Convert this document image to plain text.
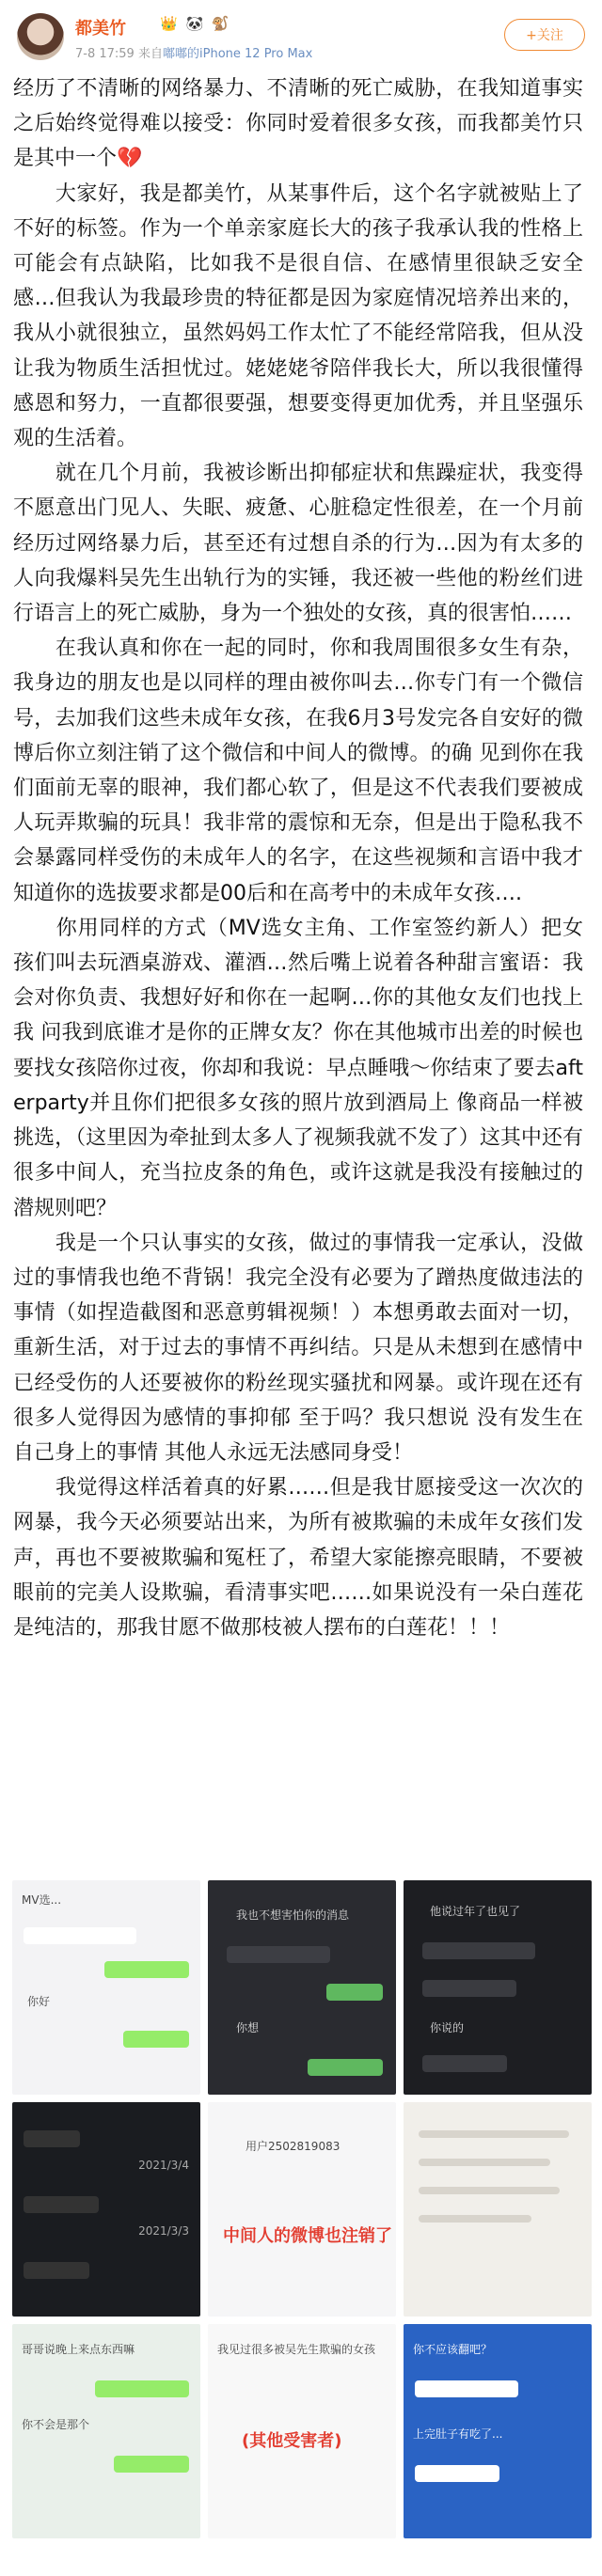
都美竹 👑 🐼 🐒
7-8 17:59 来自嘟嘟的iPhone 12 Pro Max
+关注

经历了不清晰的网络暴力、不清晰的死亡威胁，在我知道事实之后始终觉得难以接受：你同时爱着很多女孩，而我都美竹只是其中一个💔

　　大家好，我是都美竹，从某事件后，这个名字就被贴上了不好的标签。作为一个单亲家庭长大的孩子我承认我的性格上可能会有点缺陷，比如我不是很自信、在感情里很缺乏安全感…但我认为我最珍贵的特征都是因为家庭情况培养出来的，我从小就很独立，虽然妈妈工作太忙了不能经常陪我，但从没让我为物质生活担忧过。姥姥姥爷陪伴我长大，所以我很懂得感恩和努力，一直都很要强，想要变得更加优秀，并且坚强乐观的生活着。

　　就在几个月前，我被诊断出抑郁症状和焦躁症状，我变得不愿意出门见人、失眠、疲惫、心脏稳定性很差，在一个月前经历过网络暴力后，甚至还有过想自杀的行为…因为有太多的人向我爆料吴先生出轨行为的实锤，我还被一些他的粉丝们进行语言上的死亡威胁，身为一个独处的女孩，真的很害怕……

　　在我认真和你在一起的同时，你和我周围很多女生有杂，我身边的朋友也是以同样的理由被你叫去…你专门有一个微信号，去加我们这些未成年女孩，在我6月3号发完各自安好的微博后你立刻注销了这个微信和中间人的微博。的确 见到你在我们面前无辜的眼神，我们都心软了，但是这不代表我们要被成人玩弄欺骗的玩具！我非常的震惊和无奈，但是出于隐私我不会暴露同样受伤的未成年人的名字，在这些视频和言语中我才知道你的选拔要求都是00后和在高考中的未成年女孩….

　　你用同样的方式（MV选女主角、工作室签约新人）把女孩们叫去玩酒桌游戏、灌酒…然后嘴上说着各种甜言蜜语：我会对你负责、我想好好和你在一起啊…你的其他女友们也找上我 问我到底谁才是你的正牌女友？你在其他城市出差的时候也要找女孩陪你过夜，你却和我说：早点睡哦～你结束了要去afterparty并且你们把很多女孩的照片放到酒局上 像商品一样被挑选，（这里因为牵扯到太多人了视频我就不发了）这其中还有很多中间人，充当拉皮条的角色，或许这就是我没有接触过的潜规则吧？

　　我是一个只认事实的女孩，做过的事情我一定承认，没做过的事情我也绝不背锅！我完全没有必要为了蹭热度做违法的事情（如捏造截图和恶意剪辑视频！）本想勇敢去面对一切，重新生活，对于过去的事情不再纠结。只是从未想到在感情中已经受伤的人还要被你的粉丝现实骚扰和网暴。或许现在还有很多人觉得因为感情的事抑郁 至于吗？我只想说 没有发生在自己身上的事情 其他人永远无法感同身受！

　　我觉得这样活着真的好累……但是我甘愿接受这一次次的网暴，我今天必须要站出来，为所有被欺骗的未成年女孩们发声，再也不要被欺骗和冤枉了，希望大家能擦亮眼睛，不要被眼前的完美人设欺骗，看清事实吧……如果说没有一朵白莲花是纯洁的，那我甘愿不做那枝被人摆布的白莲花！！！

MV选...
你好
我也不想害怕你的消息
你想
他说过年了也见了
你说的
2021/3/4
2021/3/3
用户2502819083
中间人的微博也注销了
哥哥说晚上来点东西嘛
你不会是那个
我见过很多被吴先生欺骗的女孩
(其他受害者)
你不应该翻吧？
上完肚子有吃了...
